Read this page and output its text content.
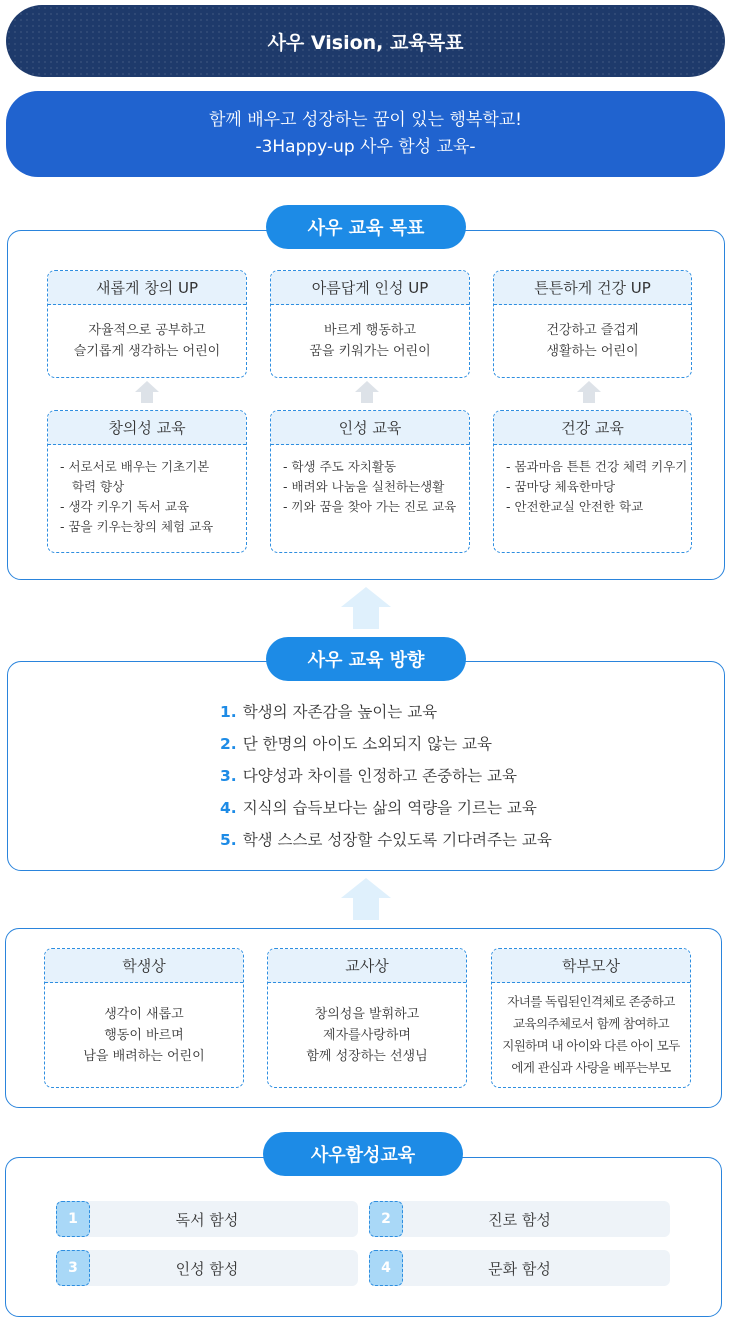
사우 Vision, 교육목표
함께 배우고 성장하는 꿈이 있는 행복학교!
-3Happy-up 사우 함성 교육-
사우 교육 목표
새롭게 창의 UP
자율적으로 공부하고
슬기롭게 생각하는 어린이
아름답게 인성 UP
바르게 행동하고
꿈을 키워가는 어린이
튼튼하게 건강 UP
건강하고 즐겁게
생활하는 어린이
창의성 교육
- 서로서로 배우는 기초기본
학력 향상
- 생각 키우기 독서 교육
- 꿈을 키우는창의 체험 교육
인성 교육
- 학생 주도 자치활동
- 배려와 나눔을 실천하는생활
- 끼와 꿈을 찾아 가는 진로 교육
건강 교육
- 몸과마음 튼튼 건강 체력 키우기
- 꿈마당 체육한마당
- 안전한교실 안전한 학교
사우 교육 방향
1. 학생의 자존감을 높이는 교육
2. 단 한명의 아이도 소외되지 않는 교육
3. 다양성과 차이를 인정하고 존중하는 교육
4. 지식의 습득보다는 삶의 역량을 기르는 교육
5. 학생 스스로 성장할 수있도록 기다려주는 교육
학생상
생각이 새롭고
행동이 바르며
남을 배려하는 어린이
교사상
창의성을 발휘하고
제자를사랑하며
함께 성장하는 선생님
학부모상
자녀를 독립된인격체로 존중하고
교육의주체로서 함께 참여하고
지원하며 내 아이와 다른 아이 모두
에게 관심과 사랑을 베푸는부모
사우함성교육
1	독서 함성	2	진로 함성
3	인성 함성	4	문화 함성
